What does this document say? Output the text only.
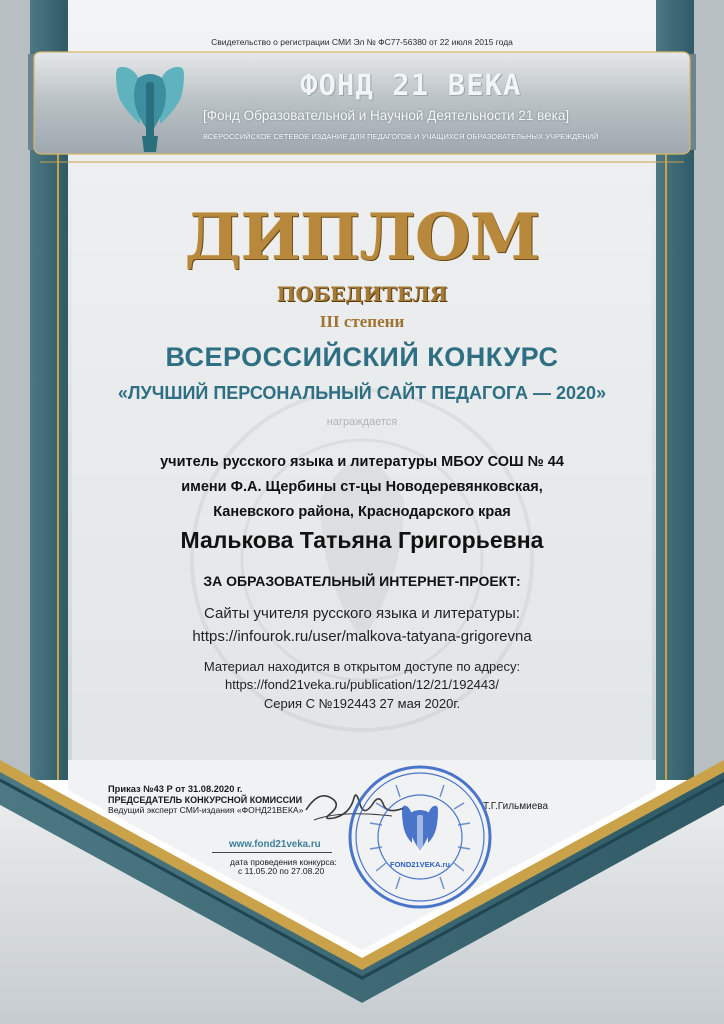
Свидетельство о регистрации СМИ Эл № ФС77-56380 от 22 июля 2015 года
ФОНД 21 ВЕКА
[Фонд Образовательной и Научной Деятельности 21 века]
ВСЕРОССИЙСКОЕ СЕТЕВОЕ ИЗДАНИЕ ДЛЯ ПЕДАГОГОВ И УЧАЩИХСЯ ОБРАЗОВАТЕЛЬНЫХ УЧРЕЖДЕНИЙ
ДИПЛОМ
ПОБЕДИТЕЛЯ
III степени
ВСЕРОССИЙСКИЙ КОНКУРС
«ЛУЧШИЙ ПЕРСОНАЛЬНЫЙ САЙТ ПЕДАГОГА — 2020»
награждается
учитель русского языка и литературы МБОУ СОШ № 44
имени Ф.А. Щербины ст-цы Новодеревянковская,
Каневского района, Краснодарского края
Малькова Татьяна Григорьевна
ЗА ОБРАЗОВАТЕЛЬНЫЙ ИНТЕРНЕТ-ПРОЕКТ:
Сайты учителя русского языка и литературы:
https://infourok.ru/user/malkova-tatyana-grigorevna
Материал находится в открытом доступе по адресу:
https://fond21veka.ru/publication/12/21/192443/
Серия С №192443 27 мая 2020г.
Приказ №43 Р от 31.08.2020 г.
ПРЕДСЕДАТЕЛЬ КОНКУРСНОЙ КОМИССИИ
Ведущий эксперт СМИ-издания «ФОНД21ВЕКА»	Т.Г.Гильмиева
www.fond21veka.ru
дата проведения конкурса:
с 11.05.20 по 27.08.20
FOND21VEKA.ru
